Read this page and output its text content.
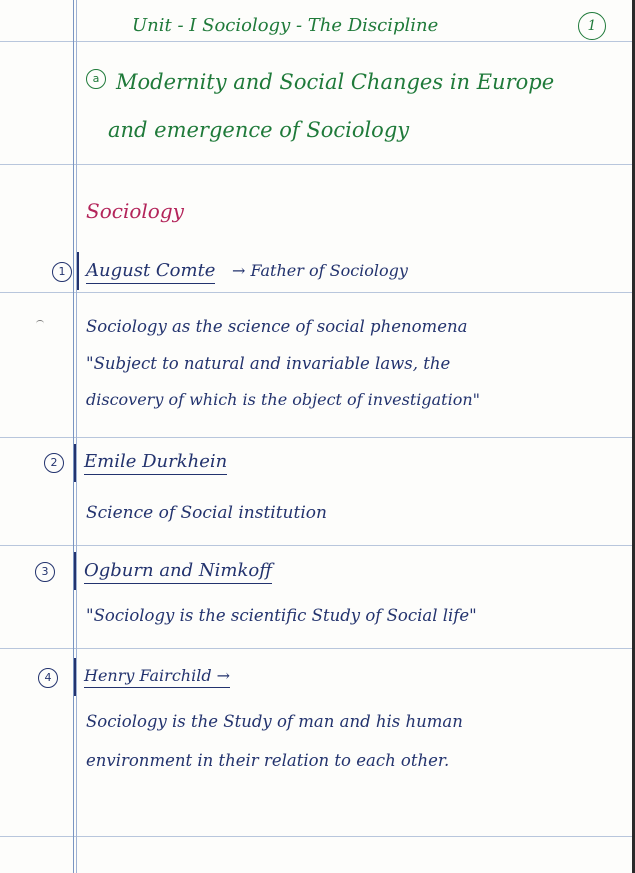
Unit - I Sociology - The Discipline	1
a Modernity and Social Changes in Europe
and emergence of Sociology
Sociology
1	August Comte → Father of Sociology
Sociology as the science of social phenomena
"Subject to natural and invariable laws, the
discovery of which is the object of investigation"
2	Emile Durkhein
Science of Social institution
3	Ogburn and Nimkoff
"Sociology is the scientific Study of Social life"
4	Henry Fairchild →
Sociology is the Study of man and his human
environment in their relation to each other.
